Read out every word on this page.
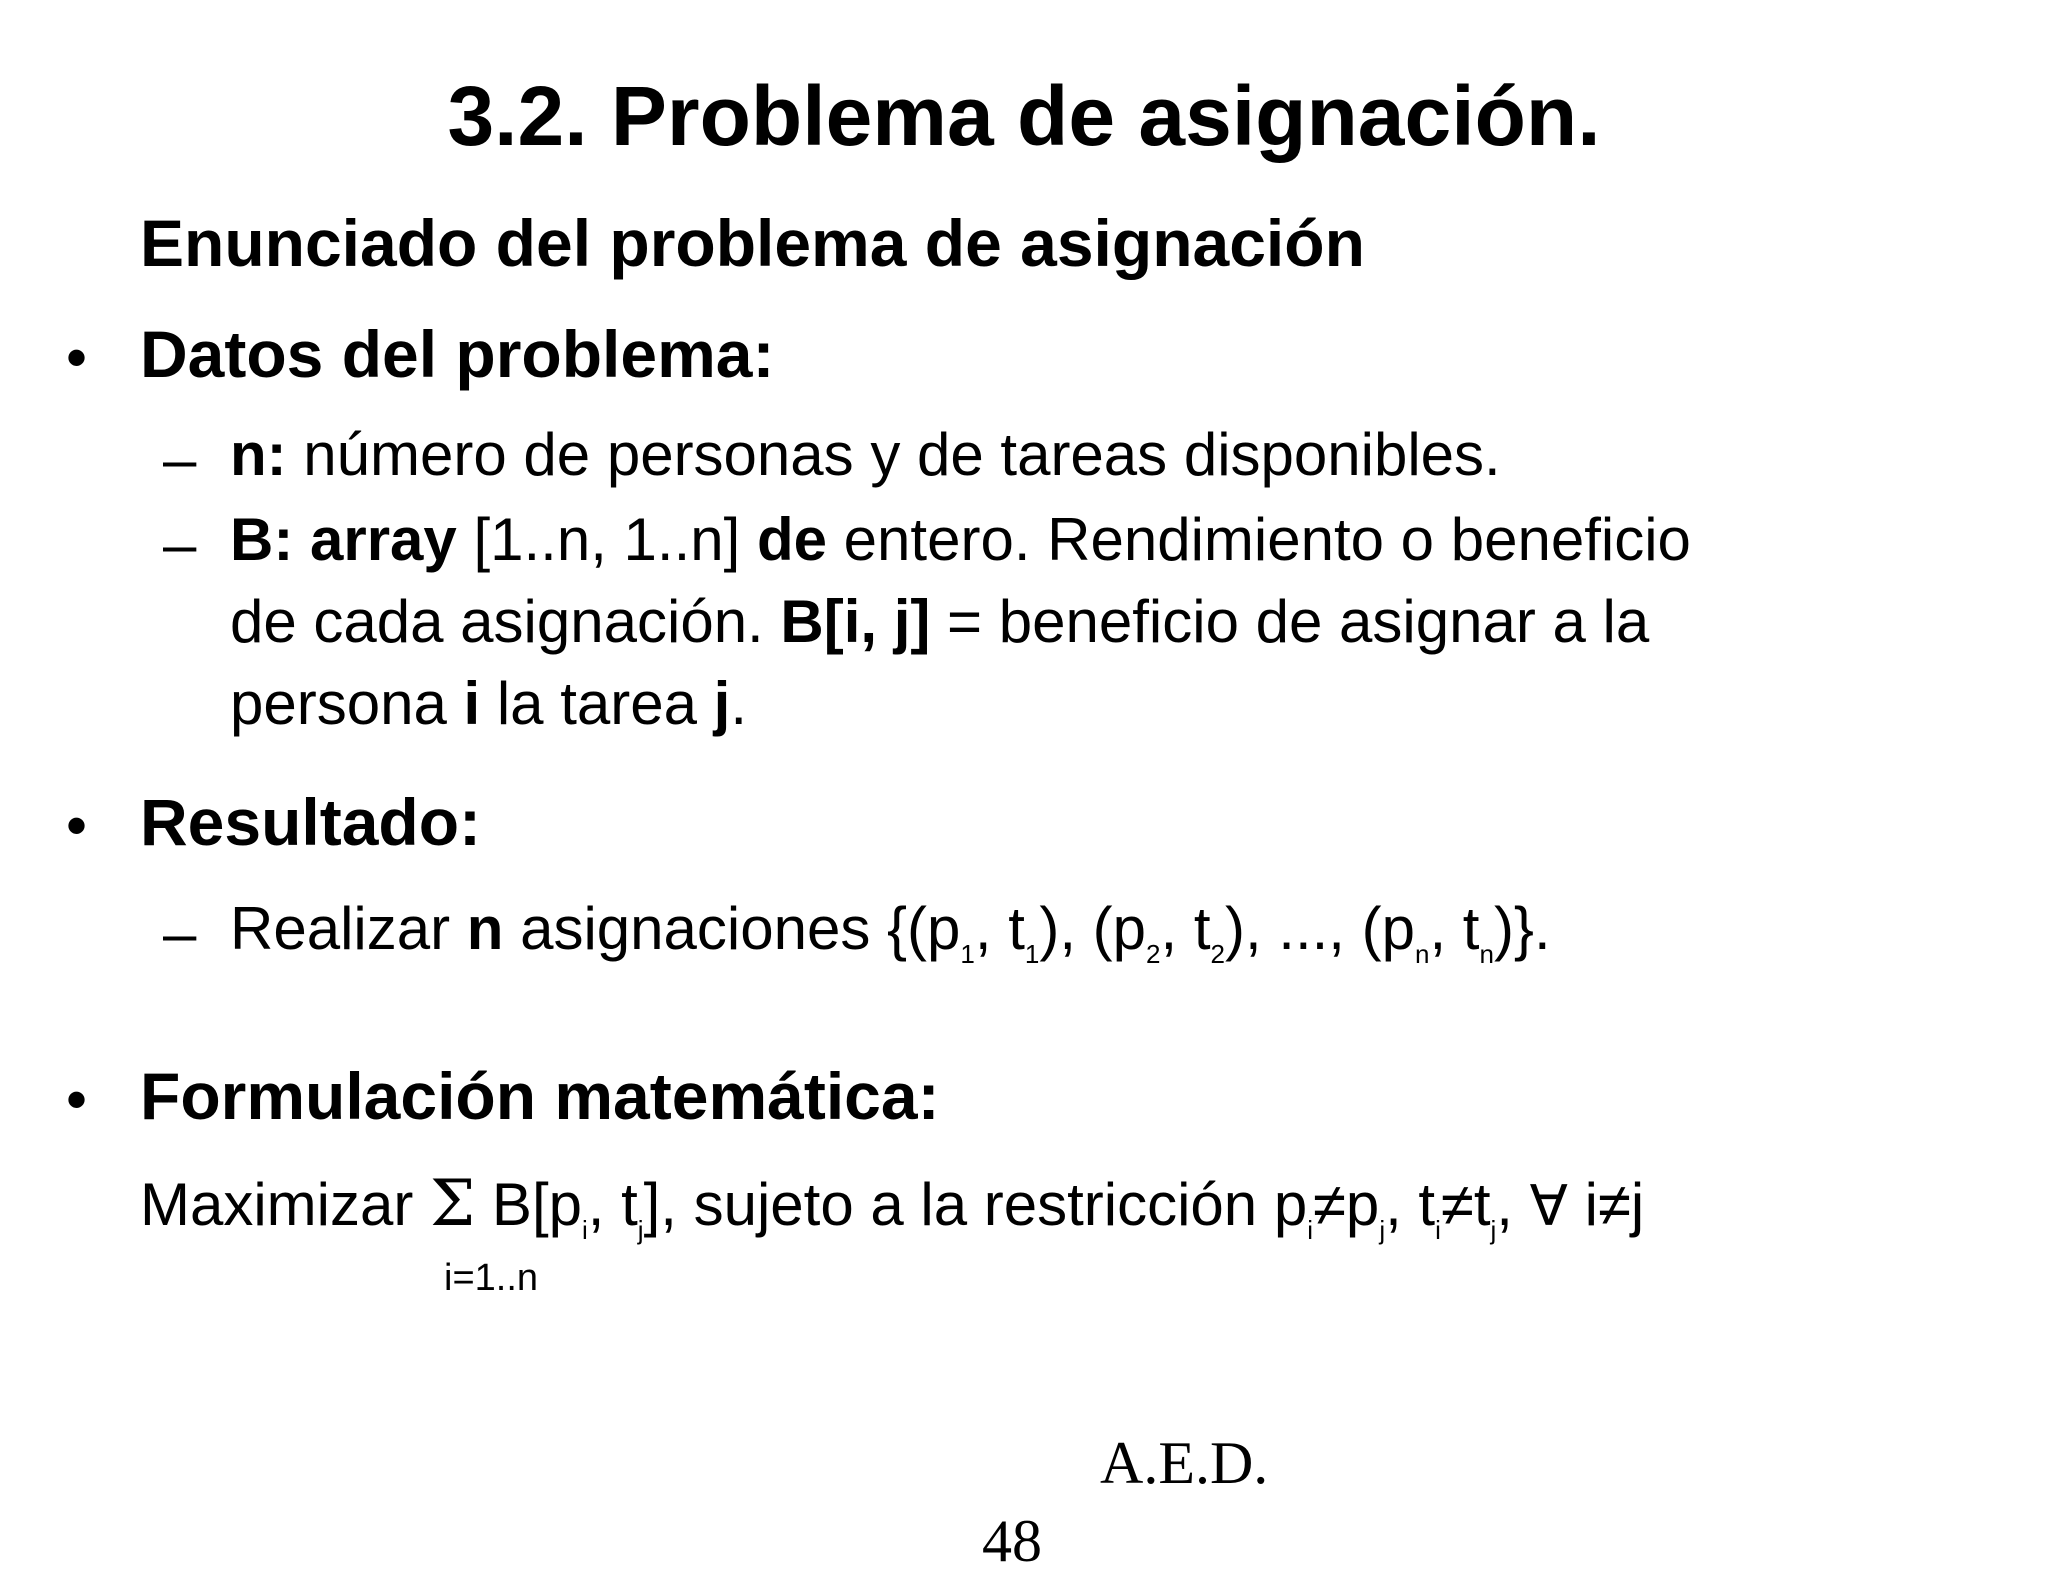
3.2. Problema de asignación.
Enunciado del problema de asignación
• Datos del problema:
– n: número de personas y de tareas disponibles.
– B: array [1..n, 1..n] de entero. Rendimiento o beneficio
de cada asignación. B[i, j] = beneficio de asignar a la
persona i la tarea j.
• Resultado:
– Realizar n asignaciones {($p_1$, $t_1$), ($p_2$, $t_2$), ..., ($p_n$, $t_n$)}.
• Formulación matemática:
Maximizar Σ $B[p_i$, $t_j$], sujeto a la restricción $p_i\ne p_j$, $t_i\ne t_j$, ∀ i≠j
i=1..n
A.E.D.
48
